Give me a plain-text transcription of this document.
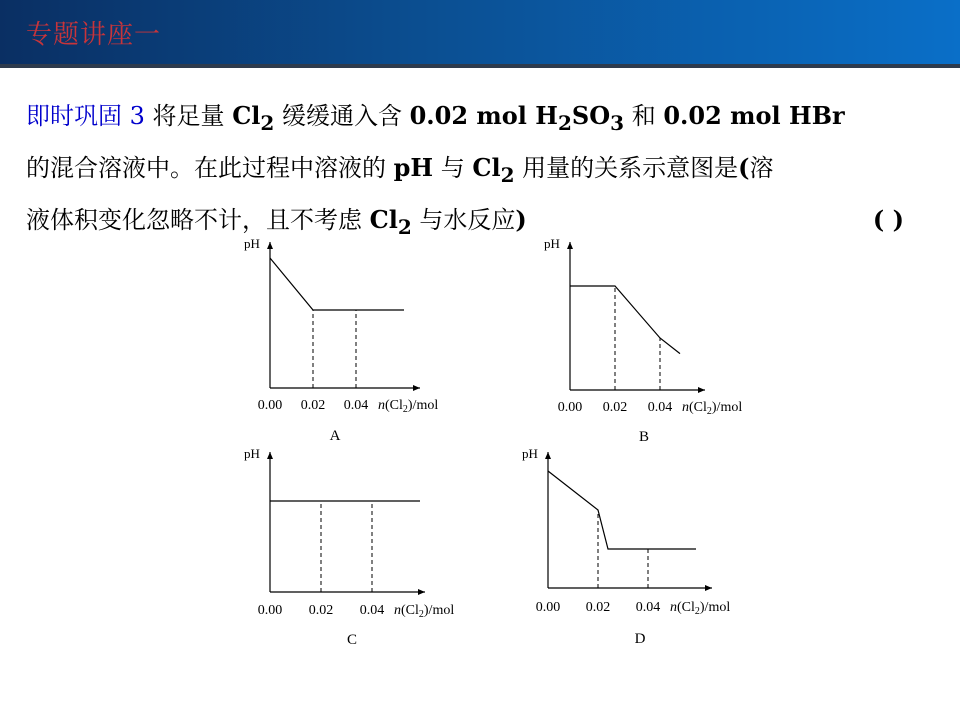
专题讲座一
即时巩固 3 将足量 $Cl_2$ 缓缓通入含 0.02 mol $H_2SO_3$ 和 0.02 mol HBr
的混合溶液中。在此过程中溶液的 pH 与 $Cl_2$ 用量的关系示意图是(溶
液体积变化忽略不计，且不考虑 $Cl_2$ 与水反应)	( )
pH
0.00 0.02 0.04 $n(Cl_2)$/mol
A
pH
0.00 0.02 0.04 $n(Cl_2)$/mol
B
pH
0.00 0.02 0.04 $n(Cl_2)$/mol
C
pH
0.00 0.02 0.04 $n(Cl_2)$/mol
D
